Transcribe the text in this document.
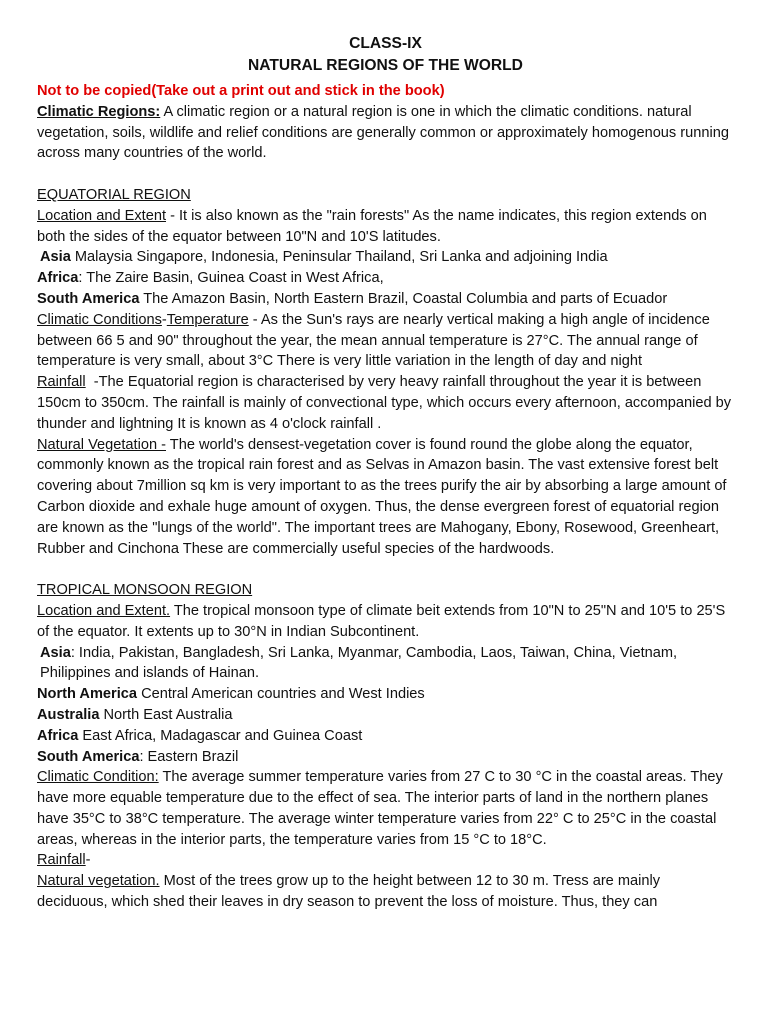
CLASS-IX
NATURAL REGIONS OF THE WORLD

Not to be copied(Take out a print out and stick in the book)

Climatic Regions: A climatic region or a natural region is one in which the climatic conditions. natural vegetation, soils, wildlife and relief conditions are generally common or approximately homogenous running across many countries of the world.

EQUATORIAL REGION

Location and Extent - It is also known as the "rain forests" As the name indicates, this region extends on both the sides of the equator between 10"N and 10'S latitudes.

Asia Malaysia Singapore, Indonesia, Peninsular Thailand, Sri Lanka and adjoining India

Africa: The Zaire Basin, Guinea Coast in West Africa,

South America The Amazon Basin, North Eastern Brazil, Coastal Columbia and parts of Ecuador

Climatic Conditions-Temperature - As the Sun's rays are nearly vertical making a high angle of incidence between 66 5 and 90" throughout the year, the mean annual temperature is 27°C. The annual range of temperature is very small, about 3°C There is very little variation in the length of day and night

Rainfall  -The Equatorial region is characterised by very heavy rainfall throughout the year it is between 150cm to 350cm. The rainfall is mainly of convectional type, which occurs every afternoon, accompanied by thunder and lightning It is known as 4 o'clock rainfall .

Natural Vegetation - The world's densest-vegetation cover is found round the globe along the equator, commonly known as the tropical rain forest and as Selvas in Amazon basin. The vast extensive forest belt covering about 7million sq km is very important to as the trees purify the air by absorbing a large amount of Carbon dioxide and exhale huge amount of oxygen. Thus, the dense evergreen forest of equatorial region are known as the "lungs of the world". The important trees are Mahogany, Ebony, Rosewood, Greenheart, Rubber and Cinchona These are commercially useful species of the hardwoods.

TROPICAL MONSOON REGION

Location and Extent. The tropical monsoon type of climate beit extends from 10"N to 25"N and 10'5 to 25'S of the equator. It extents up to 30°N in Indian Subcontinent.

Asia: India, Pakistan, Bangladesh, Sri Lanka, Myanmar, Cambodia, Laos, Taiwan, China, Vietnam, Philippines and islands of Hainan.

North America Central American countries and West Indies

Australia North East Australia

Africa East Africa, Madagascar and Guinea Coast

South America: Eastern Brazil

Climatic Condition: The average summer temperature varies from 27 C to 30 °C in the coastal areas. They have more equable temperature due to the effect of sea. The interior parts of land in the northern planes have 35°C to 38°C temperature. The average winter temperature varies from 22° C to 25°C in the coastal areas, whereas in the interior parts, the temperature varies from 15 °C to 18°C.

Rainfall-

Natural vegetation. Most of the trees grow up to the height between 12 to 30 m. Tress are mainly deciduous, which shed their leaves in dry season to prevent the loss of moisture. Thus, they can
